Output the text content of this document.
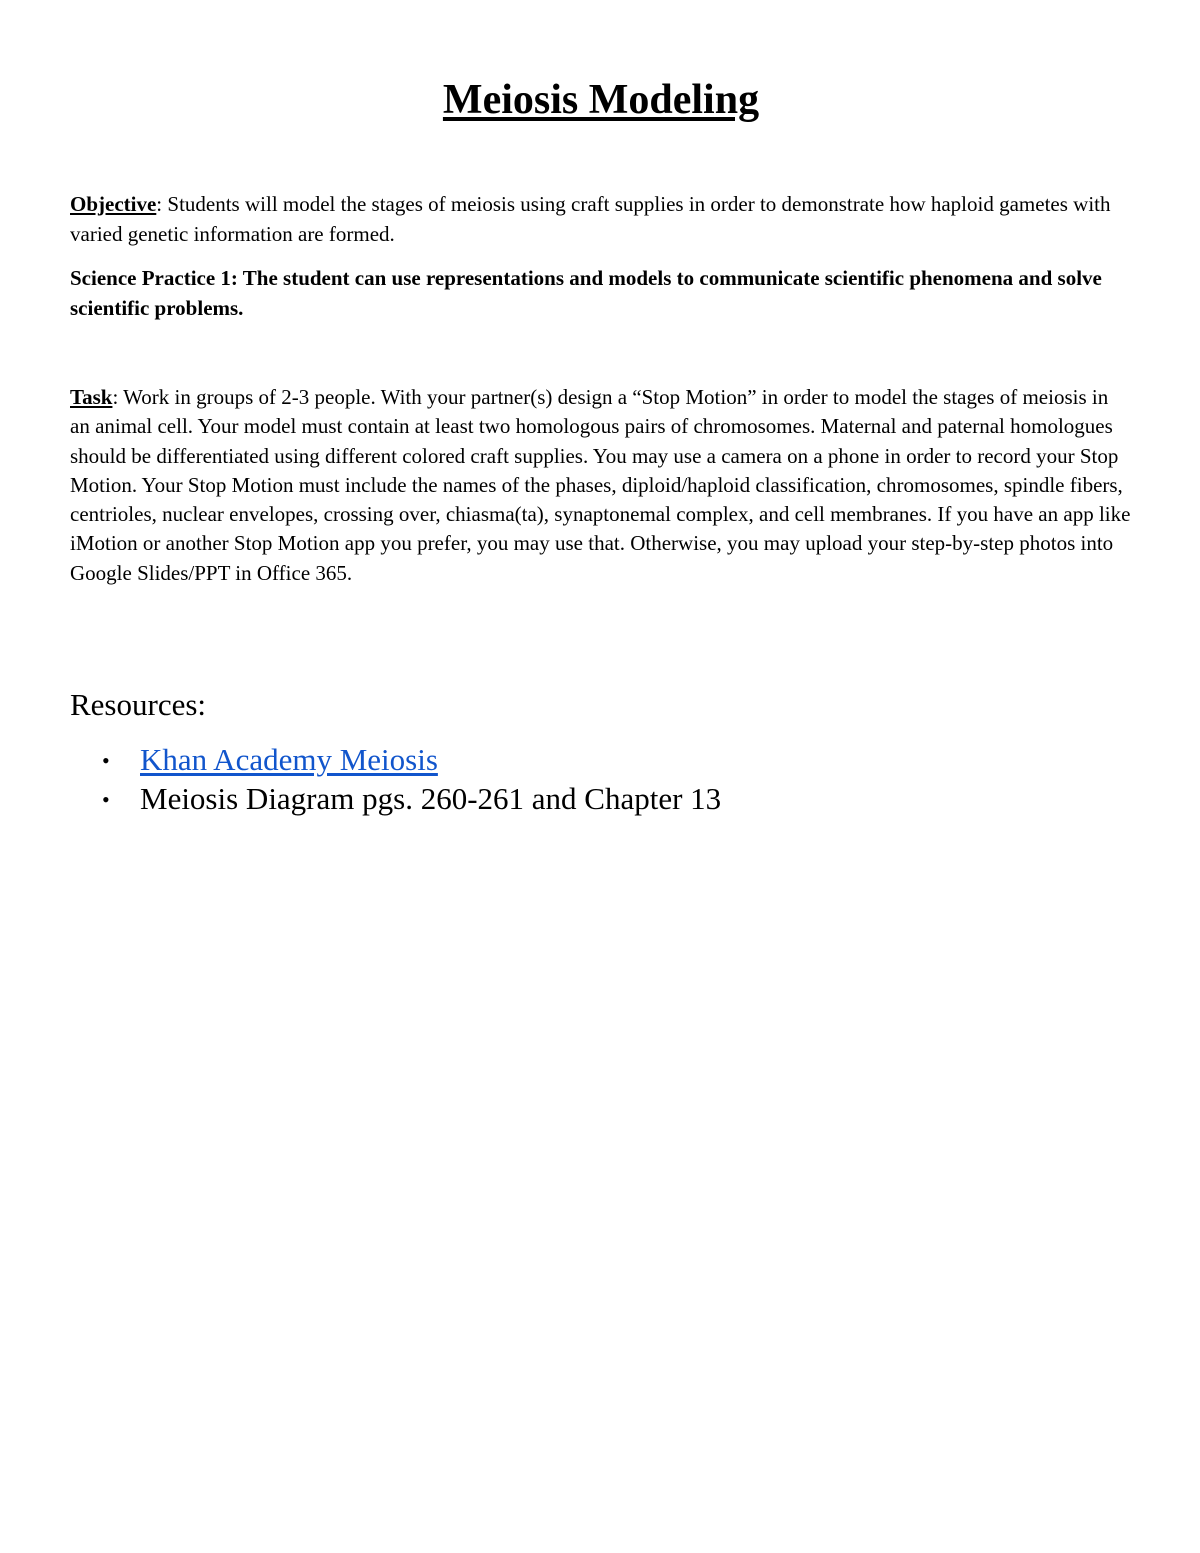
Meiosis Modeling

Objective: Students will model the stages of meiosis using craft supplies in order to demonstrate how haploid gametes with varied genetic information are formed.

Science Practice 1: The student can use representations and models to communicate scientific phenomena and solve scientific problems.

Task: Work in groups of 2-3 people. With your partner(s) design a “Stop Motion” in order to model the stages of meiosis in an animal cell. Your model must contain at least two homologous pairs of chromosomes. Maternal and paternal homologues should be differentiated using different colored craft supplies. You may use a camera on a phone in order to record your Stop Motion. Your Stop Motion must include the names of the phases, diploid/haploid classification, chromosomes, spindle fibers, centrioles, nuclear envelopes, crossing over, chiasma(ta), synaptonemal complex, and cell membranes. If you have an app like iMotion or another Stop Motion app you prefer, you may use that. Otherwise, you may upload your step-by-step photos into Google Slides/PPT in Office 365.

Resources:
• Khan Academy Meiosis
• Meiosis Diagram pgs. 260-261 and Chapter 13
